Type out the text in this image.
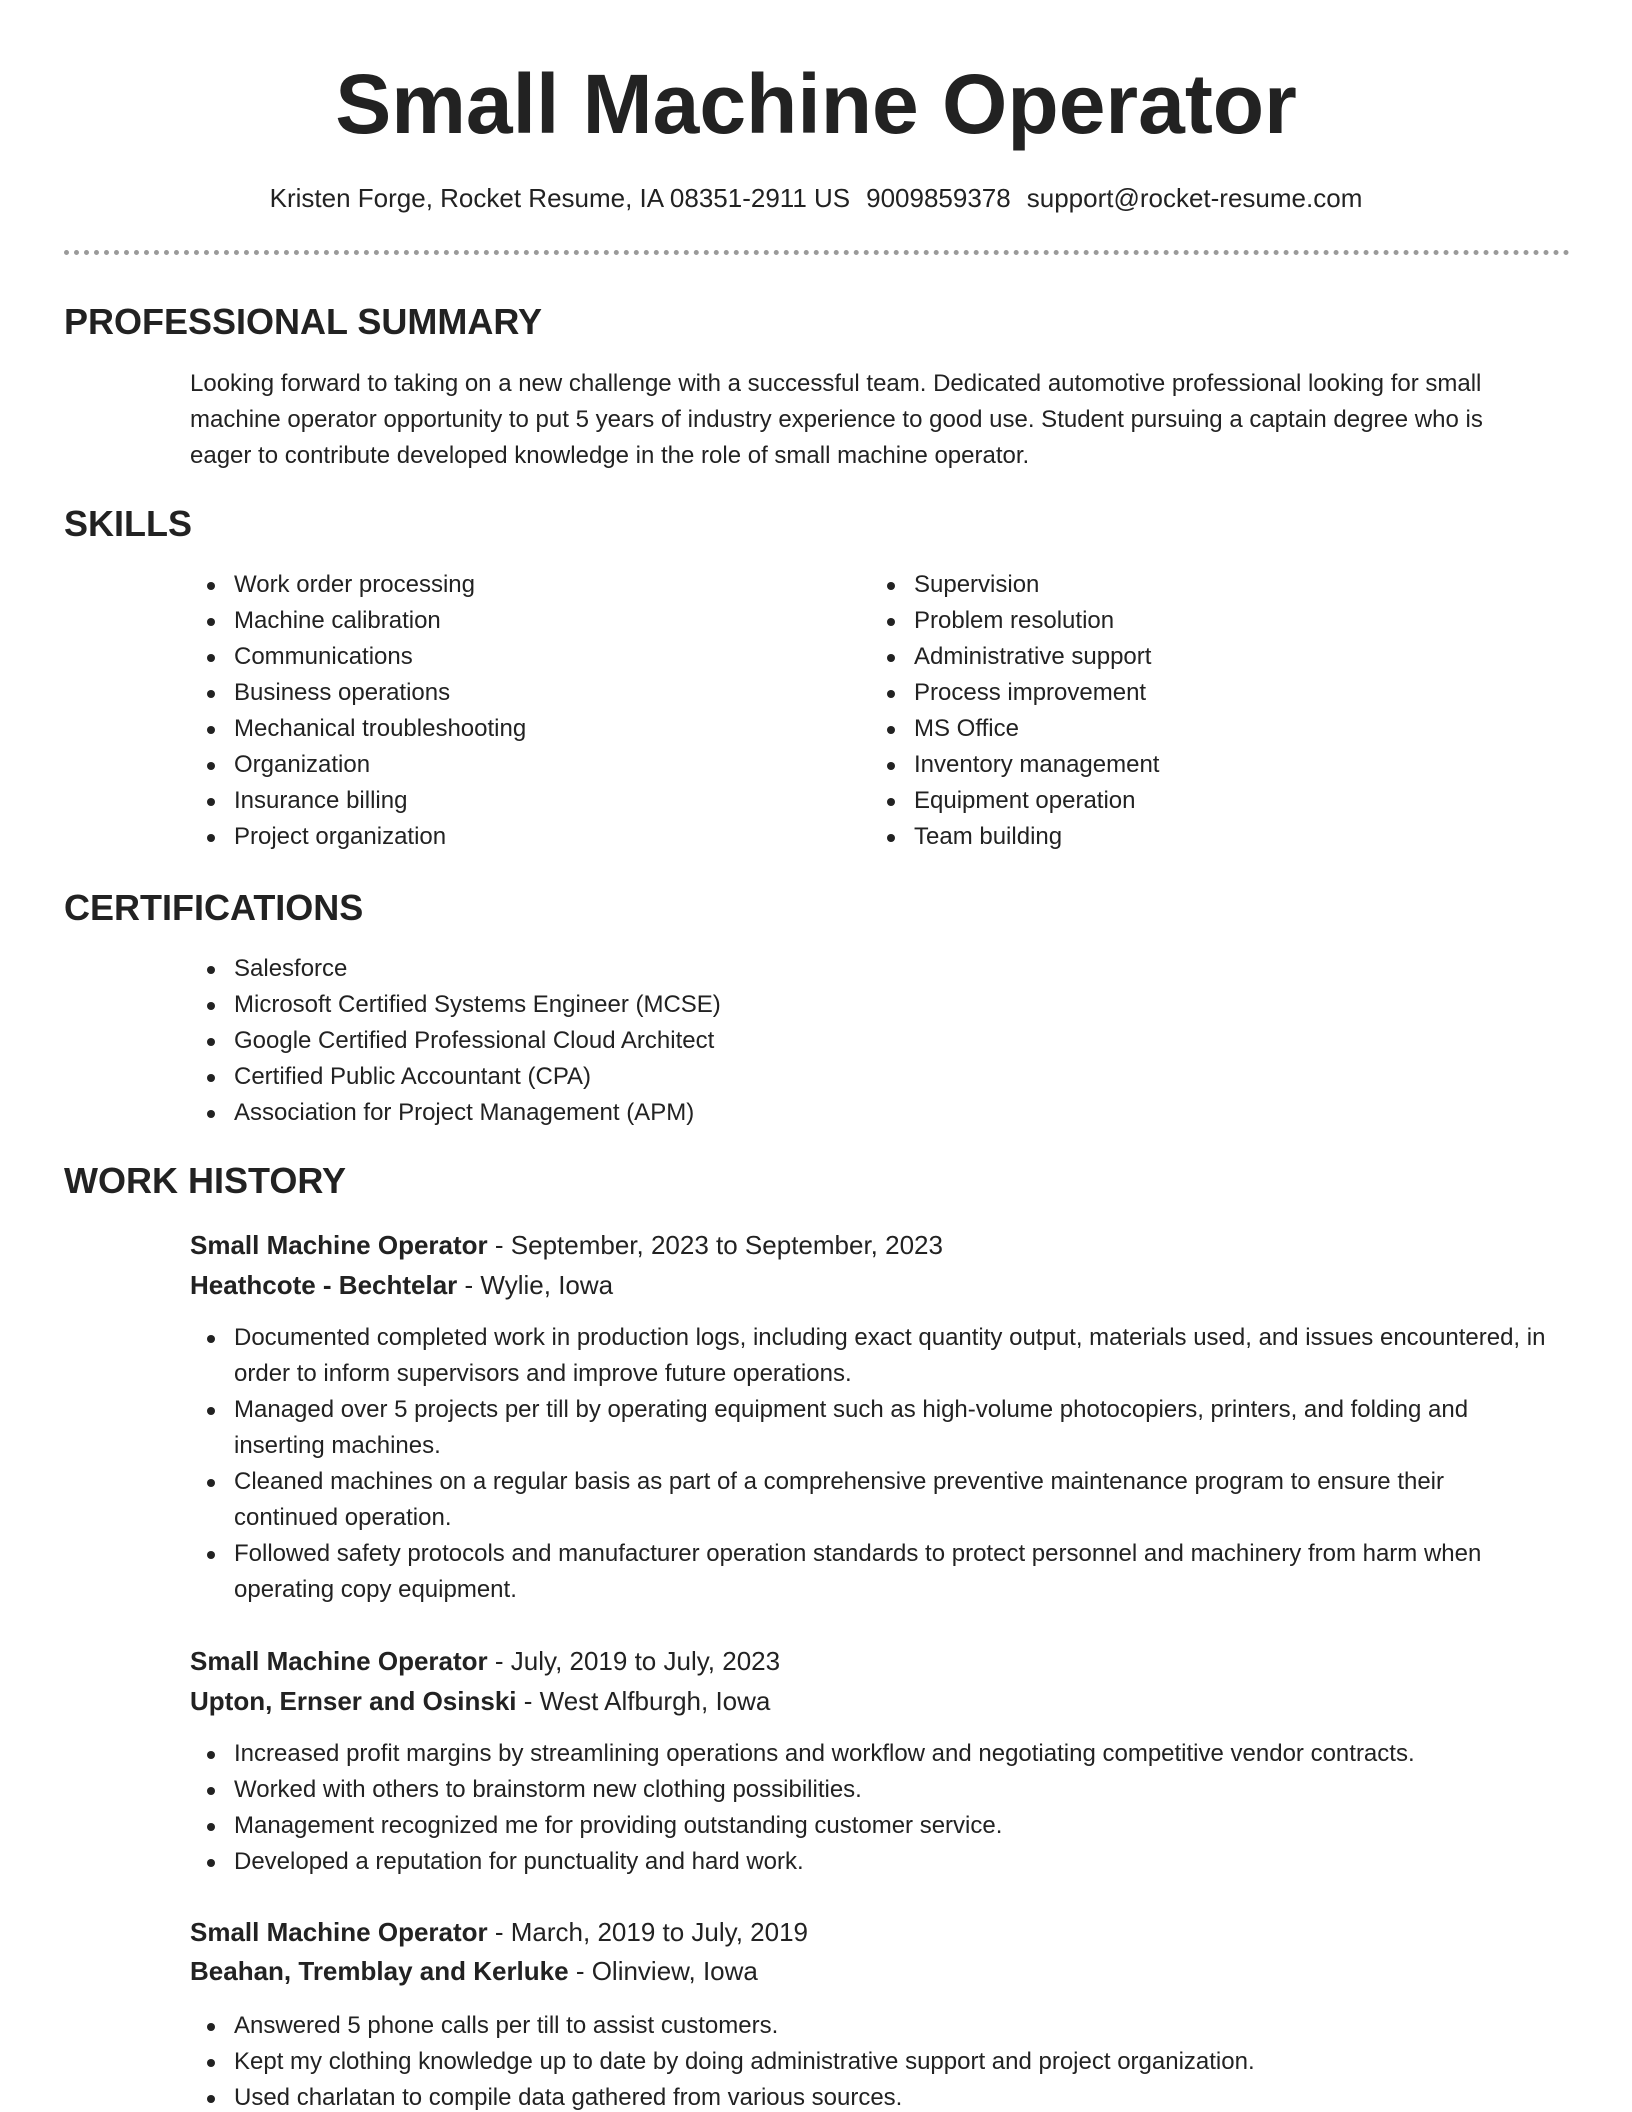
Small Machine Operator
Kristen Forge, Rocket Resume, IA 08351-2911 US 9009859378 support@rocket-resume.com
PROFESSIONAL SUMMARY

Looking forward to taking on a new challenge with a successful team. Dedicated automotive professional looking for small machine operator opportunity to put 5 years of industry experience to good use. Student pursuing a captain degree who is eager to contribute developed knowledge in the role of small machine operator.

SKILLS
Work order processing
Machine calibration
Communications
Business operations
Mechanical troubleshooting
Organization
Insurance billing
Project organization
Supervision
Problem resolution
Administrative support
Process improvement
MS Office
Inventory management
Equipment operation
Team building
CERTIFICATIONS
Salesforce
Microsoft Certified Systems Engineer (MCSE)
Google Certified Professional Cloud Architect
Certified Public Accountant (CPA)
Association for Project Management (APM)
WORK HISTORY
Small Machine Operator - September, 2023 to September, 2023
Heathcote - Bechtelar - Wylie, Iowa
Documented completed work in production logs, including exact quantity output, materials used, and issues encountered, in order to inform supervisors and improve future operations.
Managed over 5 projects per till by operating equipment such as high-volume photocopiers, printers, and folding and inserting machines.
Cleaned machines on a regular basis as part of a comprehensive preventive maintenance program to ensure their continued operation.
Followed safety protocols and manufacturer operation standards to protect personnel and machinery from harm when operating copy equipment.
Small Machine Operator - July, 2019 to July, 2023
Upton, Ernser and Osinski - West Alfburgh, Iowa
Increased profit margins by streamlining operations and workflow and negotiating competitive vendor contracts.
Worked with others to brainstorm new clothing possibilities.
Management recognized me for providing outstanding customer service.
Developed a reputation for punctuality and hard work.
Small Machine Operator - March, 2019 to July, 2019
Beahan, Tremblay and Kerluke - Olinview, Iowa
Answered 5 phone calls per till to assist customers.
Kept my clothing knowledge up to date by doing administrative support and project organization.
Used charlatan to compile data gathered from various sources.
